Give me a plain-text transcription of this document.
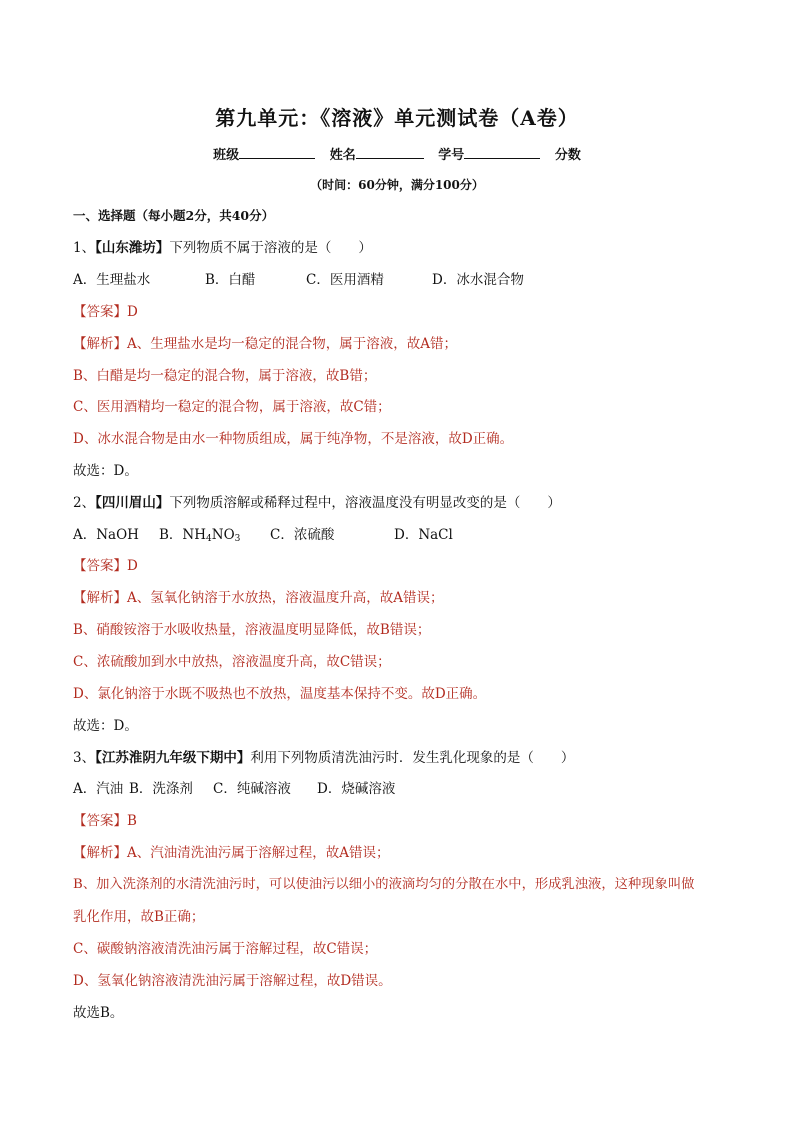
第九单元：《溶液》单元测试卷（A卷）
班级	姓名	学号	分数
（时间：60分钟，满分100分）
一、选择题（每小题2分，共40分）
1、【山东潍坊】下列物质不属于溶液的是（　　）
A．生理盐水	B．白醋	C．医用酒精	D．冰水混合物
【答案】D
【解析】A、生理盐水是均一稳定的混合物，属于溶液，故A错；
B、白醋是均一稳定的混合物，属于溶液，故B错；
C、医用酒精均一稳定的混合物，属于溶液，故C错；
D、冰水混合物是由水一种物质组成，属于纯净物，不是溶液，故D正确。
故选：D。
2、【四川眉山】下列物质溶解或稀释过程中，溶液温度没有明显改变的是（　　）
A．NaOH B．$NH_4NO_3$ C．浓硫酸	D．NaCl
【答案】D
【解析】A、氢氧化钠溶于水放热，溶液温度升高，故A错误；
B、硝酸铵溶于水吸收热量，溶液温度明显降低，故B错误；
C、浓硫酸加到水中放热，溶液温度升高，故C错误；
D、氯化钠溶于水既不吸热也不放热，温度基本保持不变。故D正确。
故选：D。
3、【江苏淮阴九年级下期中】利用下列物质清洗油污时．发生乳化现象的是（　　）
A．汽油 B．洗涤剂 C．纯碱溶液 D．烧碱溶液
【答案】B
【解析】A、汽油清洗油污属于溶解过程，故A错误；
B、加入洗涤剂的水清洗油污时，可以使油污以细小的液滴均匀的分散在水中，形成乳浊液，这种现象叫做
乳化作用，故B正确；
C、碳酸钠溶液清洗油污属于溶解过程，故C错误；
D、氢氧化钠溶液清洗油污属于溶解过程，故D错误。
故选B。
